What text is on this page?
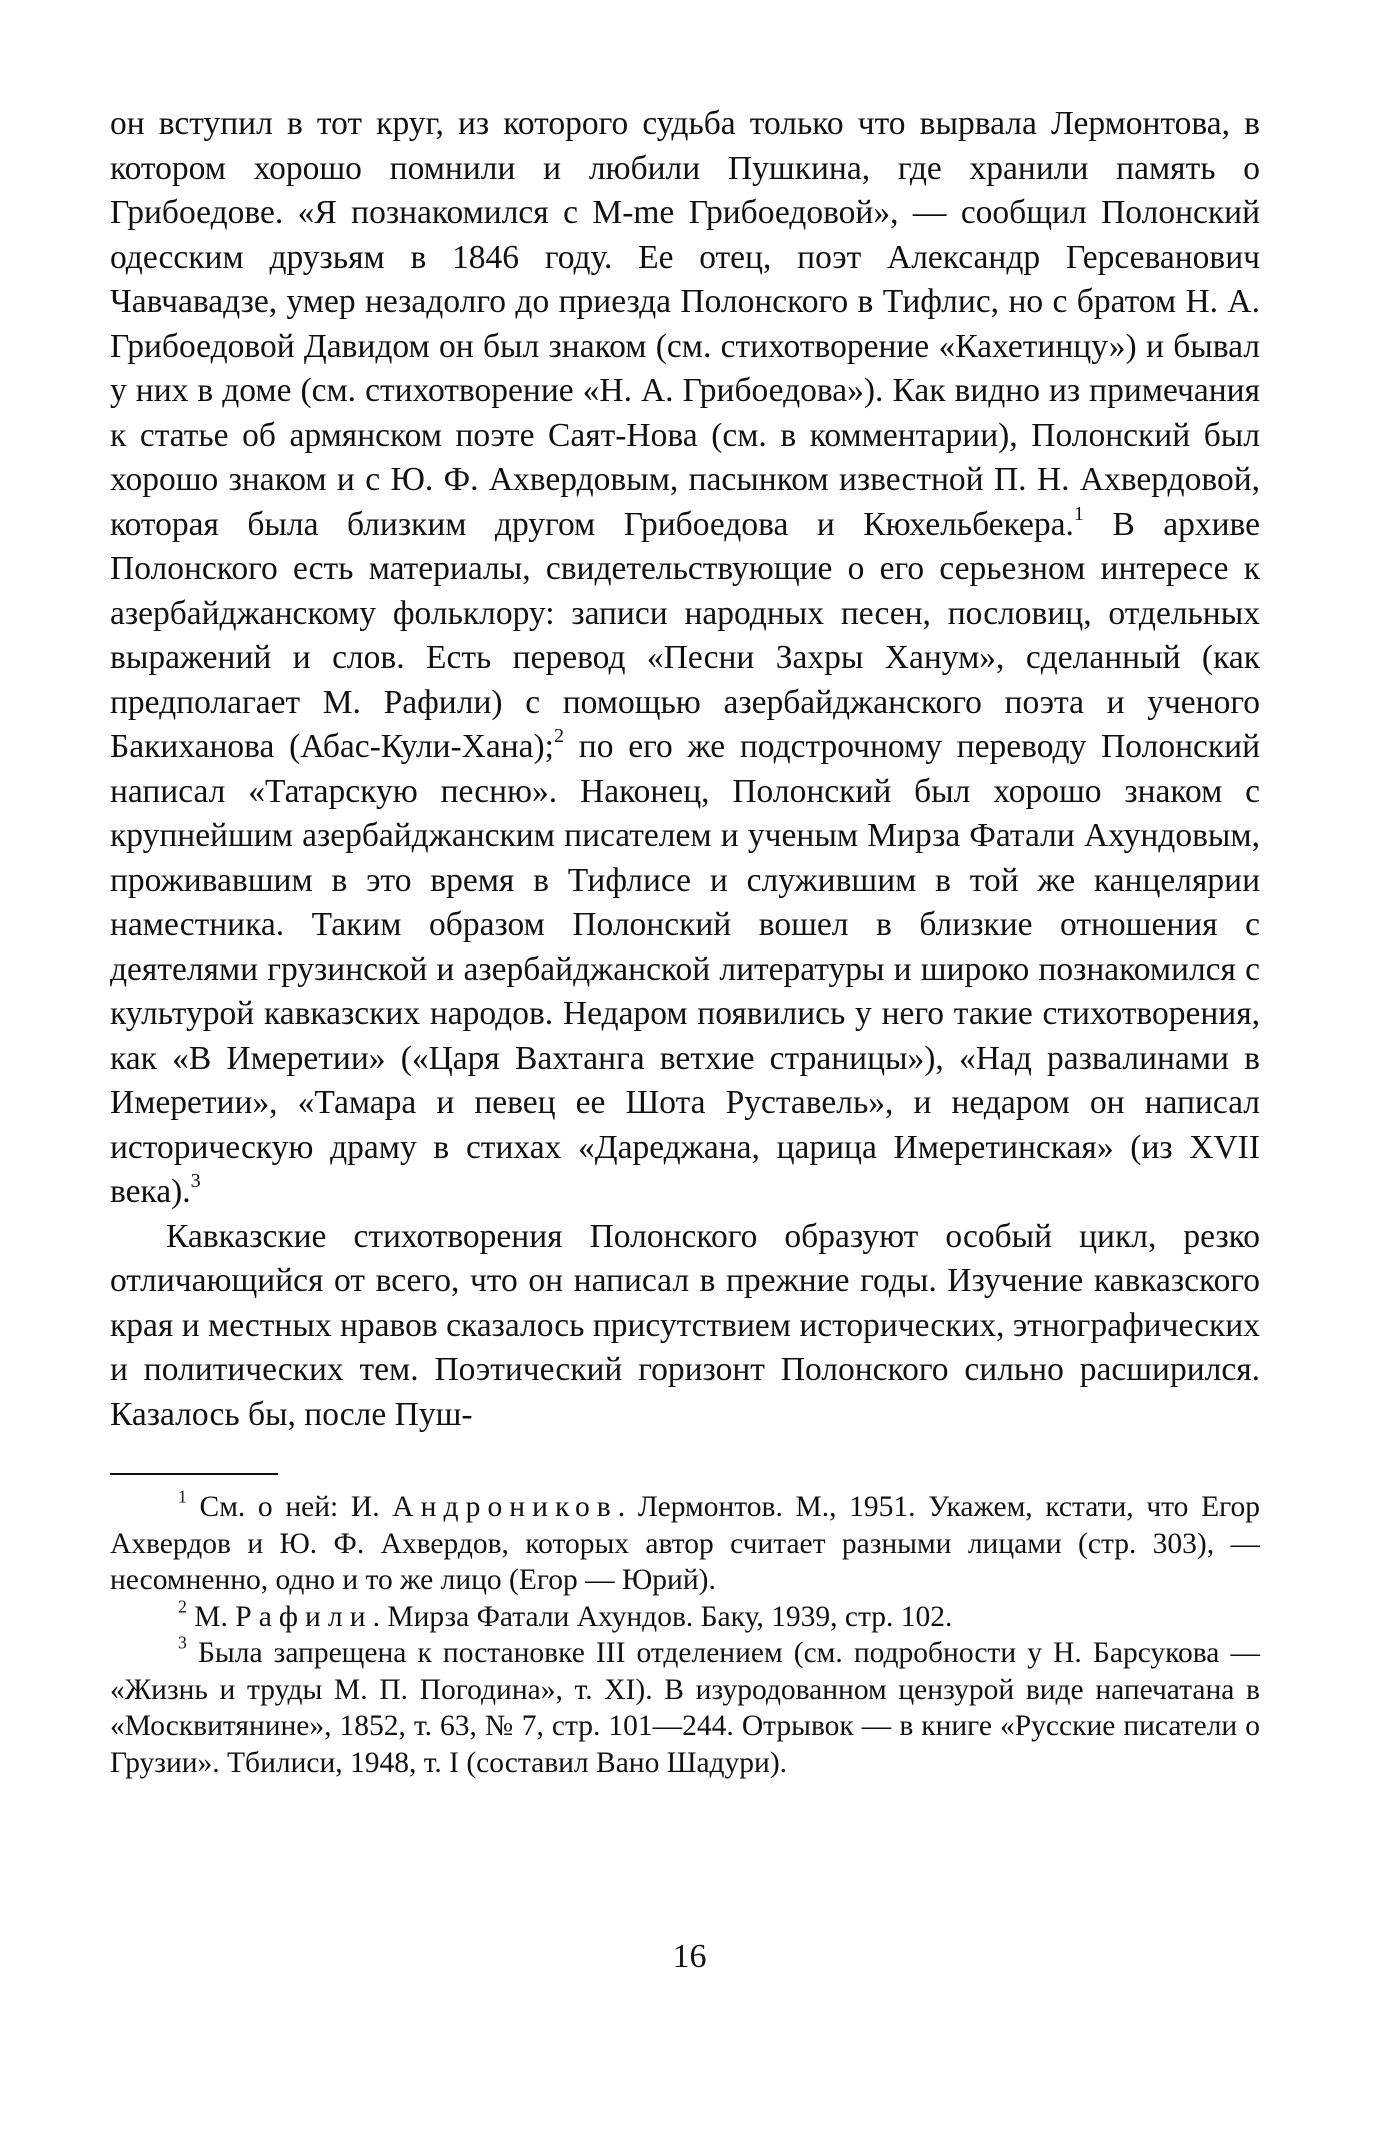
он вступил в тот круг, из которого судьба только что вырвала Лермонтова, в котором хорошо помнили и любили Пушкина, где хранили память о Грибоедове. «Я познакомился с М-me Грибоедовой», — сообщил Полонский одесским друзьям в 1846 году. Ее отец, поэт Александр Герсеванович Чавчавадзе, умер незадолго до приезда Полонского в Тифлис, но с братом Н. А. Грибоедовой Давидом он был знаком (см. стихотворение «Кахетинцу») и бывал у них в доме (см. стихотворение «Н. А. Грибоедова»). Как видно из примечания к статье об армянском поэте Саят-Нова (см. в комментарии), Полонский был хорошо знаком и с Ю. Ф. Ахвердовым, пасынком известной П. Н. Ахвердовой, которая была близким другом Грибоедова и Кюхельбекера.$^1$ В архиве Полонского есть материалы, свидетельствующие о его серьезном интересе к азербайджанскому фольклору: записи народных песен, пословиц, отдельных выражений и слов. Есть перевод «Песни Захры Ханум», сделанный (как предполагает М. Рафили) с помощью азербайджанского поэта и ученого Бакиханова (Абас-Кули-Хана);$^2$ по его же подстрочному переводу Полонский написал «Татарскую песню». Наконец, Полонский был хорошо знаком с крупнейшим азербайджанским писателем и ученым Мирза Фатали Ахундовым, проживавшим в это время в Тифлисе и служившим в той же канцелярии наместника. Таким образом Полонский вошел в близкие отношения с деятелями грузинской и азербайджанской литературы и широко познакомился с культурой кавказских народов. Недаром появились у него такие стихотворения, как «В Имеретии» («Царя Вахтанга ветхие страницы»), «Над развалинами в Имеретии», «Тамара и певец ее Шота Руставель», и недаром он написал историческую драму в стихах «Дареджана, царица Имеретинская» (из XVII века).$^3$

Кавказские стихотворения Полонского образуют особый цикл, резко отличающийся от всего, что он написал в прежние годы. Изучение кавказского края и местных нравов сказалось присутствием исторических, этнографических и политических тем. Поэтический горизонт Полонского сильно расширился. Казалось бы, после Пуш-

$^1$ См. о ней: И. Андроников. Лермонтов. М., 1951. Укажем, кстати, что Егор Ахвердов и Ю. Ф. Ахвердов, которых автор считает разными лицами (стр. 303), — несомненно, одно и то же лицо (Егор — Юрий).

$^2$ М. Рафили. Мирза Фатали Ахундов. Баку, 1939, стр. 102.

$^3$ Была запрещена к постановке III отделением (см. подробности у Н. Барсукова — «Жизнь и труды М. П. Погодина», т. XI). В изуродованном цензурой виде напечатана в «Москвитянине», 1852, т. 63, № 7, стр. 101—244. Отрывок — в книге «Русские писатели о Грузии». Тбилиси, 1948, т. I (составил Вано Шадури).

16
